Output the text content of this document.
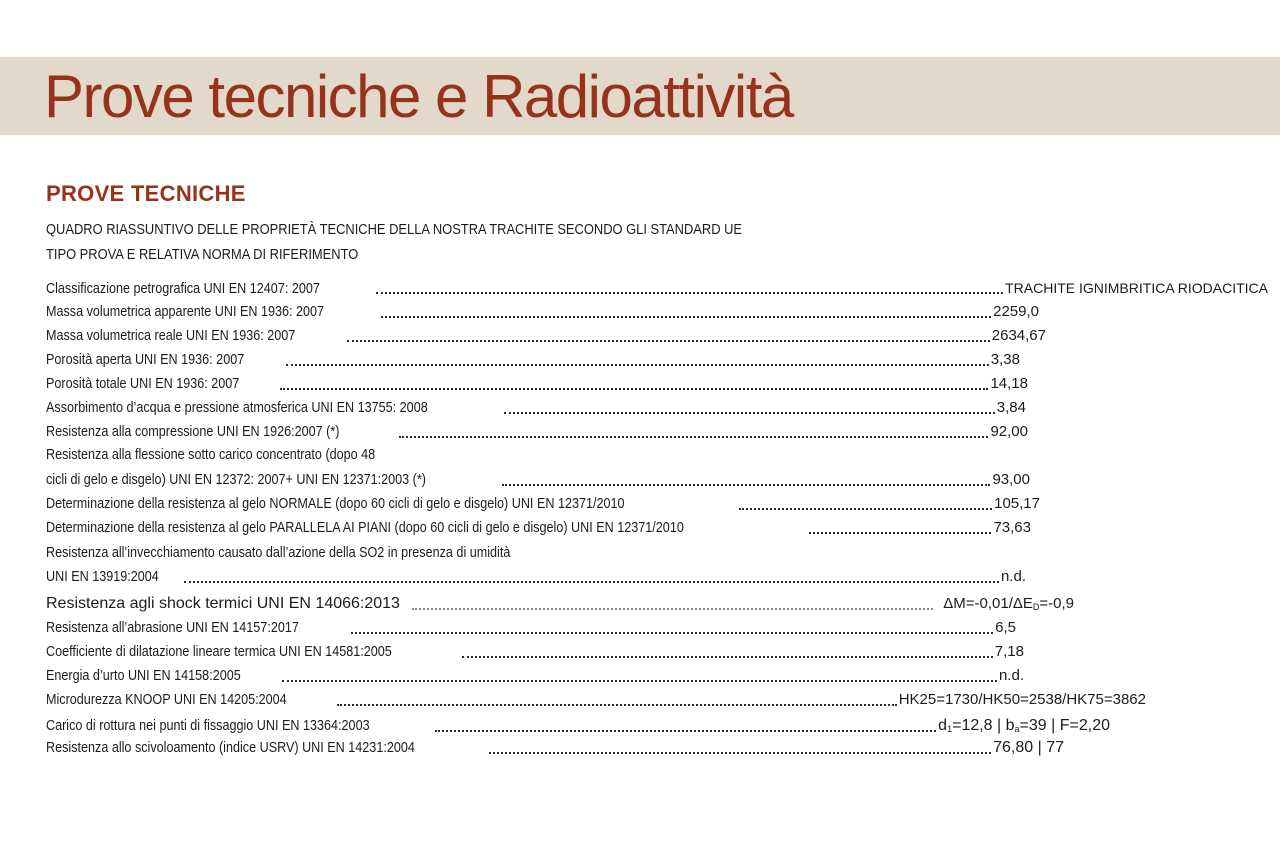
Prove tecniche e Radioattività
PROVE TECNICHE

QUADRO RIASSUNTIVO DELLE PROPRIETÀ TECNICHE DELLA NOSTRA TRACHITE SECONDO GLI STANDARD UE

TIPO PROVA E RELATIVA NORMA DI RIFERIMENTO

Classificazione petrografica UNI EN 12407: 2007	TRACHITE IGNIMBRITICA RIODACITICA
Massa volumetrica apparente UNI EN 1936: 2007	2259,0
Massa volumetrica reale UNI EN 1936: 2007	2634,67
Porosità aperta UNI EN 1936: 2007	3,38
Porosità totale UNI EN 1936: 2007	14,18
Assorbimento d’acqua e pressione atmosferica UNI EN 13755: 2008	3,84
Resistenza alla compressione UNI EN 1926:2007 (*)	92,00
Resistenza alla flessione sotto carico concentrato (dopo 48
cicli di gelo e disgelo) UNI EN 12372: 2007+ UNI EN 12371:2003 (*)	93,00
Determinazione della resistenza al gelo NORMALE (dopo 60 cicli di gelo e disgelo) UNI EN 12371/2010	105,17
Determinazione della resistenza al gelo PARALLELA AI PIANI (dopo 60 cicli di gelo e disgelo) UNI EN 12371/2010	73,63
Resistenza all’invecchiamento causato dall’azione della SO2 in presenza di umidità
UNI EN 13919:2004	n.d.
Resistenza agli shock termici UNI EN 14066:2013	$\Delta M=-0,01/\Delta E_D=-0,9$
Resistenza all’abrasione UNI EN 14157:2017	6,5
Coefficiente di dilatazione lineare termica UNI EN 14581:2005	7,18
Energia d’urto UNI EN 14158:2005	n.d.
Microdurezza KNOOP UNI EN 14205:2004	HK25=1730/HK50=2538/HK75=3862
Carico di rottura nei punti di fissaggio UNI EN 13364:2003	$d_1=12,8$ | $b_a=39$ | F=2,20
Resistenza allo scivoloamento (indice USRV) UNI EN 14231:2004	76,80 | 77
